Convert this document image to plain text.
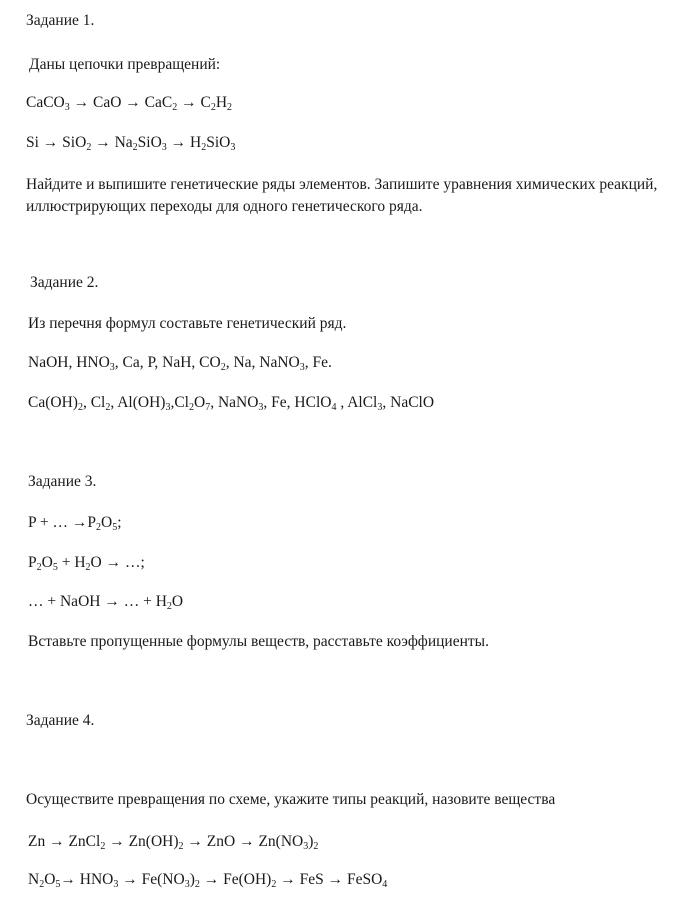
Задание 1.
Даны цепочки превращений:
CaCO$_3$ → CaO → $CaC_2 \to C_2H_2$
$Si \to SiO_2 \to Na_2SiO_3 \to H_2SiO_3$
Найдите и выпишите генетические ряды элементов. Запишите уравнения химических реакций, иллюстрирующих переходы для одного генетического ряда.
Задание 2.
Из перечня формул составьте генетический ряд.
NaOH, $HNO_3$, Ca, P, NaH, $CO_2$, Na, NaNO$_3$, Fe.
$Ca(OH)_2$, $Cl_2$, $Al(OH)_3,Cl_2O_7$, NaNO$_3$, Fe, HClO$_4$ , AlCl$_3$, NaClO
Задание 3.
P + … $\to P_2O_5$;
$P_2O_5 + H_2O$ → …;
… + NaOH → … + $H_2O$
Вставьте пропущенные формулы веществ, расставьте коэффициенты.
Задание 4.
Осуществите превращения по схеме, укажите типы реакций, назовите вещества
Zn → ZnCl$_2$ → $Zn(OH)_2$ → ZnO → $Zn(NO_3)_2$
$N_2O_5\to HNO_3 \to Fe(NO_3)_2 \to Fe(OH)_2$ → FeS → FeSO$_4$
